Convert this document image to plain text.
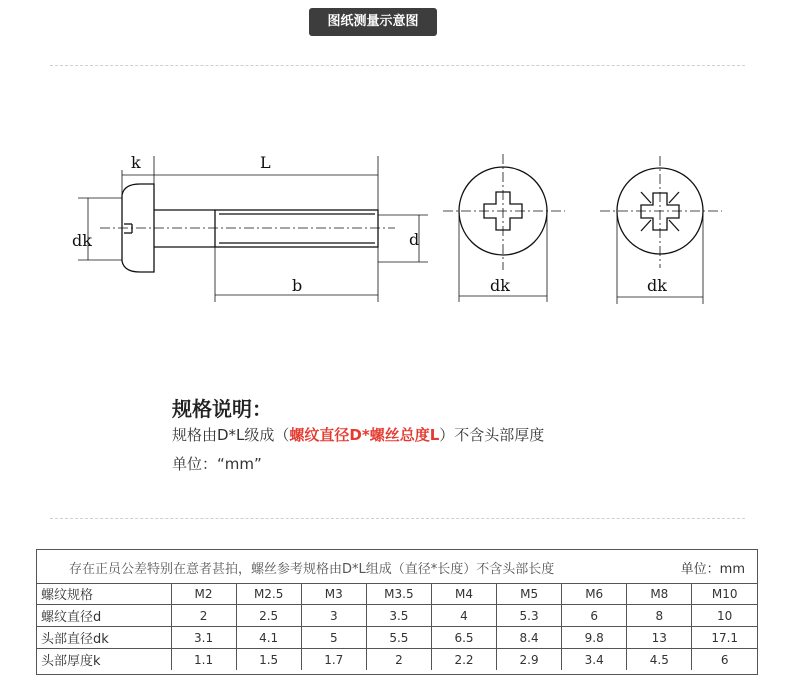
图纸测量示意图
k	L
dk	d
b	dk	dk
规格说明：
规格由D*L级成（螺纹直径D*螺丝总度L）不含头部厚度
单位：“mm”
存在正员公差特别在意者甚拍，螺丝参考规格由D*L组成（直径*长度）不含头部长度	单位：mm
螺纹规格	M2	M2.5	M3	M3.5	M4	M5	M6	M8	M10
螺纹直径d	2	2.5	3	3.5	4	5.3	6	8	10
头部直径dk	3.1	4.1	5	5.5	6.5	8.4	9.8	13	17.1
头部厚度k	1.1	1.5	1.7	2	2.2	2.9	3.4	4.5	6
